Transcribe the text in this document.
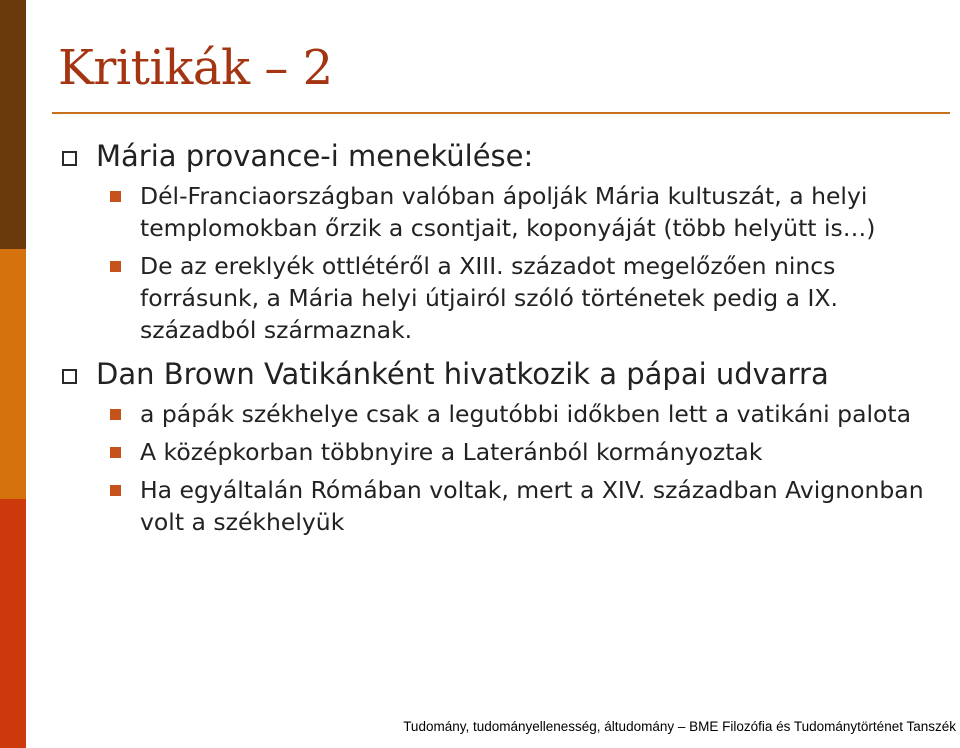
Kritikák – 2
Mária provance-i menekülése:
Dél-Franciaországban valóban ápolják Mária kultuszát, a helyi templomokban őrzik a csontjait, koponyáját (több helyütt is…)
De az ereklyék ottlétéről a XIII. századot megelőzően nincs forrásunk, a Mária helyi útjairól szóló történetek pedig a IX. századból származnak.
Dan Brown Vatikánként hivatkozik a pápai udvarra
a pápák székhelye csak a legutóbbi időkben lett a vatikáni palota
A középkorban többnyire a Lateránból kormányoztak
Ha egyáltalán Rómában voltak, mert a XIV. században Avignonban volt a székhelyük
Tudomány, tudományellenesség, áltudomány – BME Filozófia és Tudománytörténet Tanszék
